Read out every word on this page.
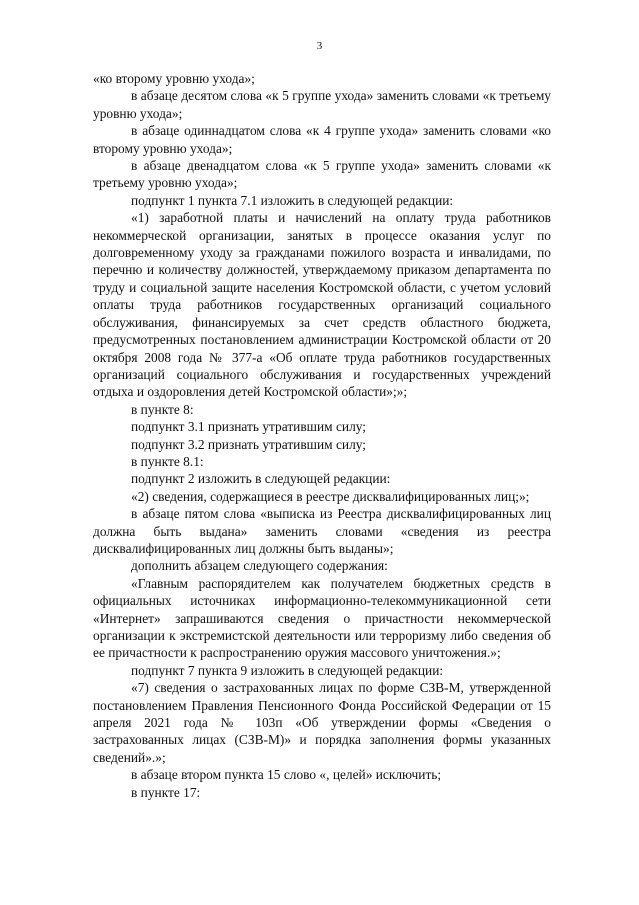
3

«ко второму уровню ухода»;

в абзаце десятом слова «к 5 группе ухода» заменить словами «к третьему уровню ухода»;

в абзаце одиннадцатом слова «к 4 группе ухода» заменить словами «ко второму уровню ухода»;

в абзаце двенадцатом слова «к 5 группе ухода» заменить словами «к третьему уровню ухода»;

подпункт 1 пункта 7.1 изложить в следующей редакции:

«1) заработной платы и начислений на оплату труда работников некоммерческой организации, занятых в процессе оказания услуг по долговременному уходу за гражданами пожилого возраста и инвалидами, по перечню и количеству должностей, утверждаемому приказом департамента по труду и социальной защите населения Костромской области, с учетом условий оплаты труда работников государственных организаций социального обслуживания, финансируемых за счет средств областного бюджета, предусмотренных постановлением администрации Костромской области от 20 октября 2008 года № 377-а «Об оплате труда работников государственных организаций социального обслуживания и государственных учреждений отдыха и оздоровления детей Костромской области»;»;

в пункте 8:

подпункт 3.1 признать утратившим силу;

подпункт 3.2 признать утратившим силу;

в пункте 8.1:

подпункт 2 изложить в следующей редакции:

«2) сведения, содержащиеся в реестре дисквалифицированных лиц;»;

в абзаце пятом слова «выписка из Реестра дисквалифицированных лиц должна быть выдана» заменить словами «сведения из реестра дисквалифицированных лиц должны быть выданы»;

дополнить абзацем следующего содержания:

«Главным распорядителем как получателем бюджетных средств в официальных источниках информационно-телекоммуникационной сети «Интернет» запрашиваются сведения о причастности некоммерческой организации к экстремистской деятельности или терроризму либо сведения об ее причастности к распространению оружия массового уничтожения.»;

подпункт 7 пункта 9 изложить в следующей редакции:

«7) сведения о застрахованных лицах по форме СЗВ-М, утвержденной постановлением Правления Пенсионного Фонда Российской Федерации от 15 апреля 2021 года № 103п «Об утверждении формы «Сведения о застрахованных лицах (СЗВ-М)» и порядка заполнения формы указанных сведений».»;

в абзаце втором пункта 15 слово «, целей» исключить;

в пункте 17:
